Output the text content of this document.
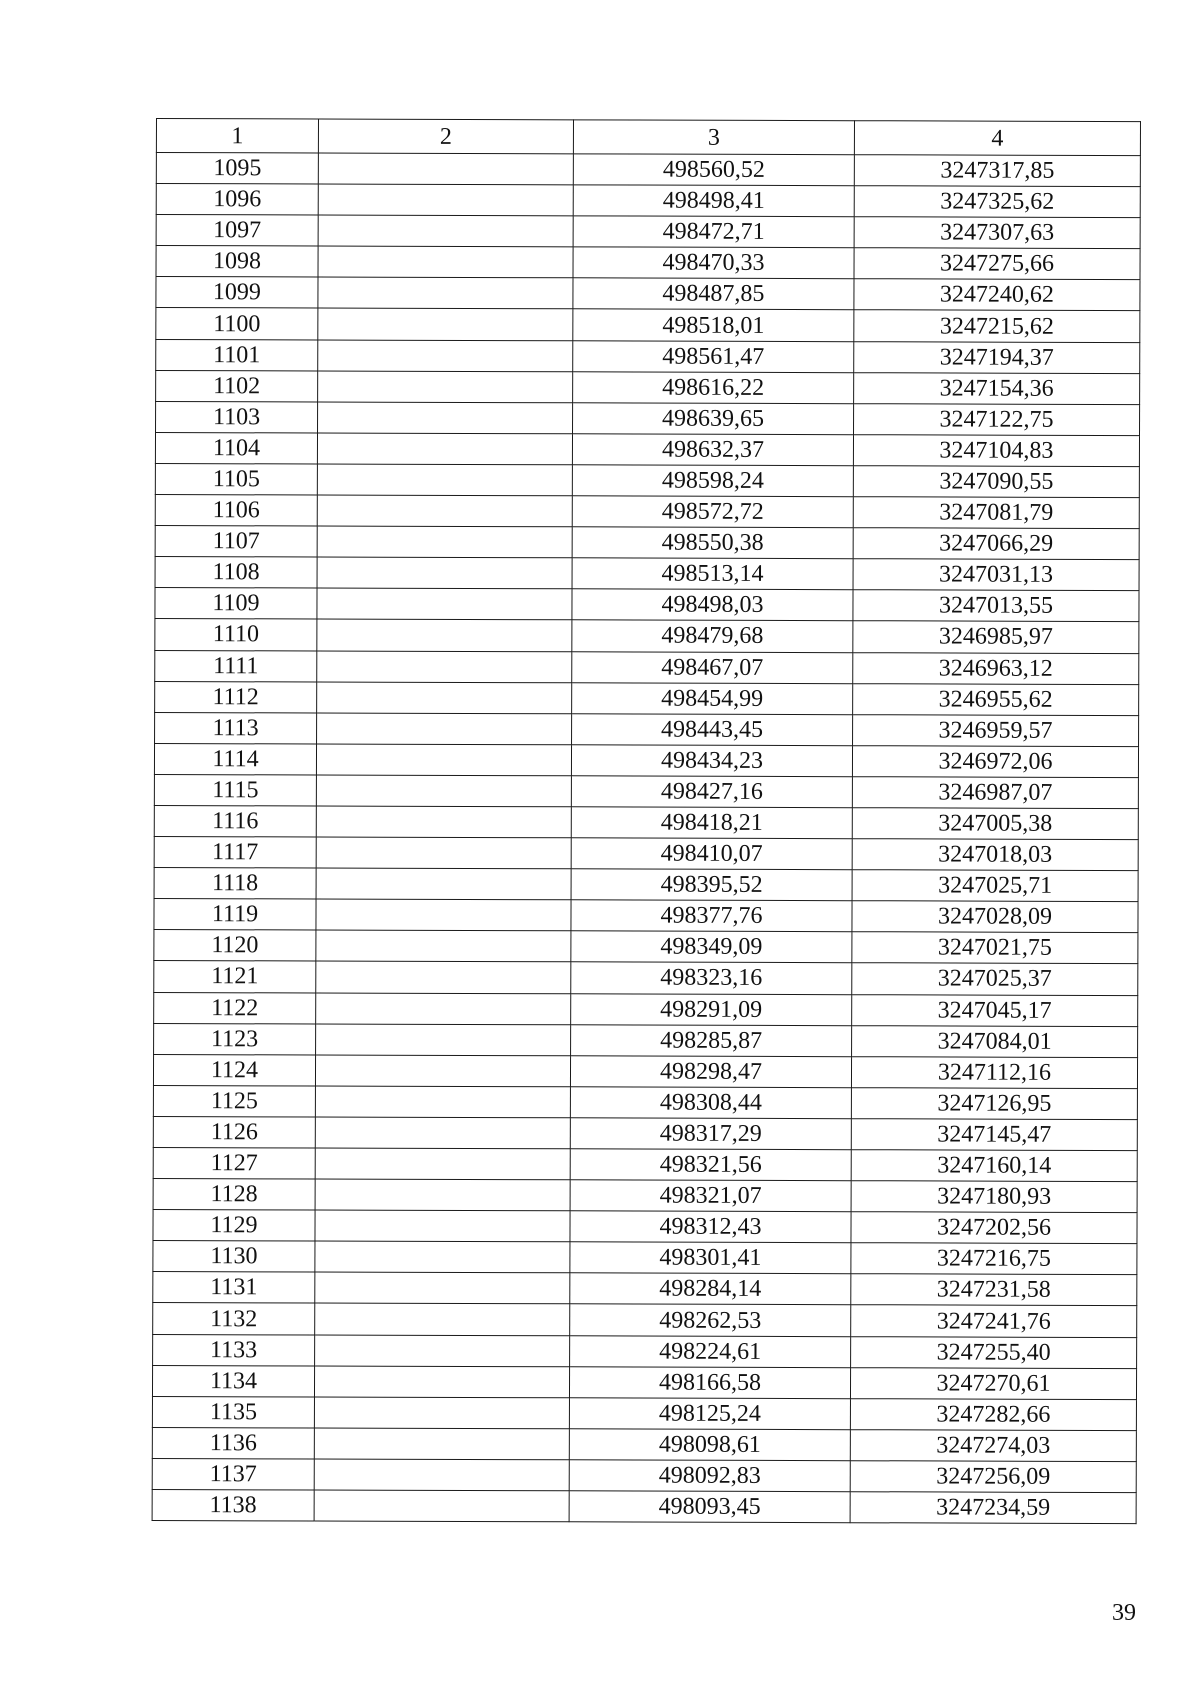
1	2	3	4
1095		498560,52	3247317,85
1096		498498,41	3247325,62
1097		498472,71	3247307,63
1098		498470,33	3247275,66
1099		498487,85	3247240,62
1100		498518,01	3247215,62
1101		498561,47	3247194,37
1102		498616,22	3247154,36
1103		498639,65	3247122,75
1104		498632,37	3247104,83
1105		498598,24	3247090,55
1106		498572,72	3247081,79
1107		498550,38	3247066,29
1108		498513,14	3247031,13
1109		498498,03	3247013,55
1110		498479,68	3246985,97
1111		498467,07	3246963,12
1112		498454,99	3246955,62
1113		498443,45	3246959,57
1114		498434,23	3246972,06
1115		498427,16	3246987,07
1116		498418,21	3247005,38
1117		498410,07	3247018,03
1118		498395,52	3247025,71
1119		498377,76	3247028,09
1120		498349,09	3247021,75
1121		498323,16	3247025,37
1122		498291,09	3247045,17
1123		498285,87	3247084,01
1124		498298,47	3247112,16
1125		498308,44	3247126,95
1126		498317,29	3247145,47
1127		498321,56	3247160,14
1128		498321,07	3247180,93
1129		498312,43	3247202,56
1130		498301,41	3247216,75
1131		498284,14	3247231,58
1132		498262,53	3247241,76
1133		498224,61	3247255,40
1134		498166,58	3247270,61
1135		498125,24	3247282,66
1136		498098,61	3247274,03
1137		498092,83	3247256,09
1138		498093,45	3247234,59
39
